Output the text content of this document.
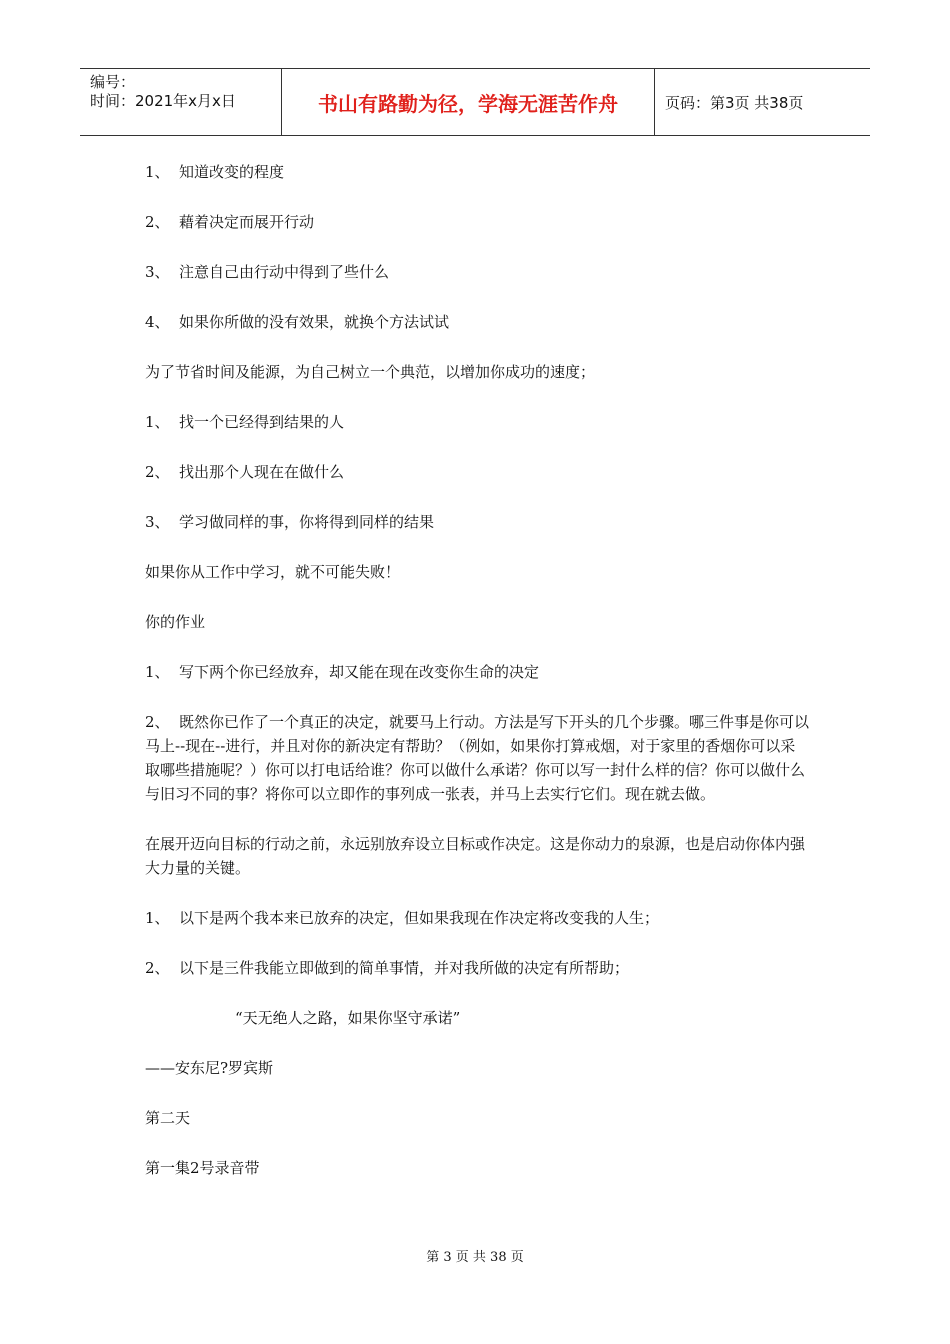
编号：
时间：2021年x月x日	书山有路勤为径，学海无涯苦作舟	页码：第3页 共38页

1、 知道改变的程度

2、 藉着决定而展开行动

3、 注意自己由行动中得到了些什么

4、 如果你所做的没有效果，就换个方法试试

为了节省时间及能源，为自己树立一个典范，以增加你成功的速度；

1、 找一个已经得到结果的人

2、 找出那个人现在在做什么

3、 学习做同样的事，你将得到同样的结果

如果你从工作中学习，就不可能失败！

你的作业

1、 写下两个你已经放弃，却又能在现在改变你生命的决定

2、 既然你已作了一个真正的决定，就要马上行动。方法是写下开头的几个步骤。哪三件事是你可以马上--现在--进行，并且对你的新决定有帮助？（例如，如果你打算戒烟，对于家里的香烟你可以采取哪些措施呢？）你可以打电话给谁？你可以做什么承诺？你可以写一封什么样的信？你可以做什么与旧习不同的事？将你可以立即作的事列成一张表，并马上去实行它们。现在就去做。

在展开迈向目标的行动之前，永远别放弃设立目标或作决定。这是你动力的泉源，也是启动你体内强大力量的关键。

1、 以下是两个我本来已放弃的决定，但如果我现在作决定将改变我的人生；

2、 以下是三件我能立即做到的简单事情，并对我所做的决定有所帮助；

“天无绝人之路，如果你坚守承诺”

——安东尼?罗宾斯

第二天

第一集2号录音带

第 3 页 共 38 页
